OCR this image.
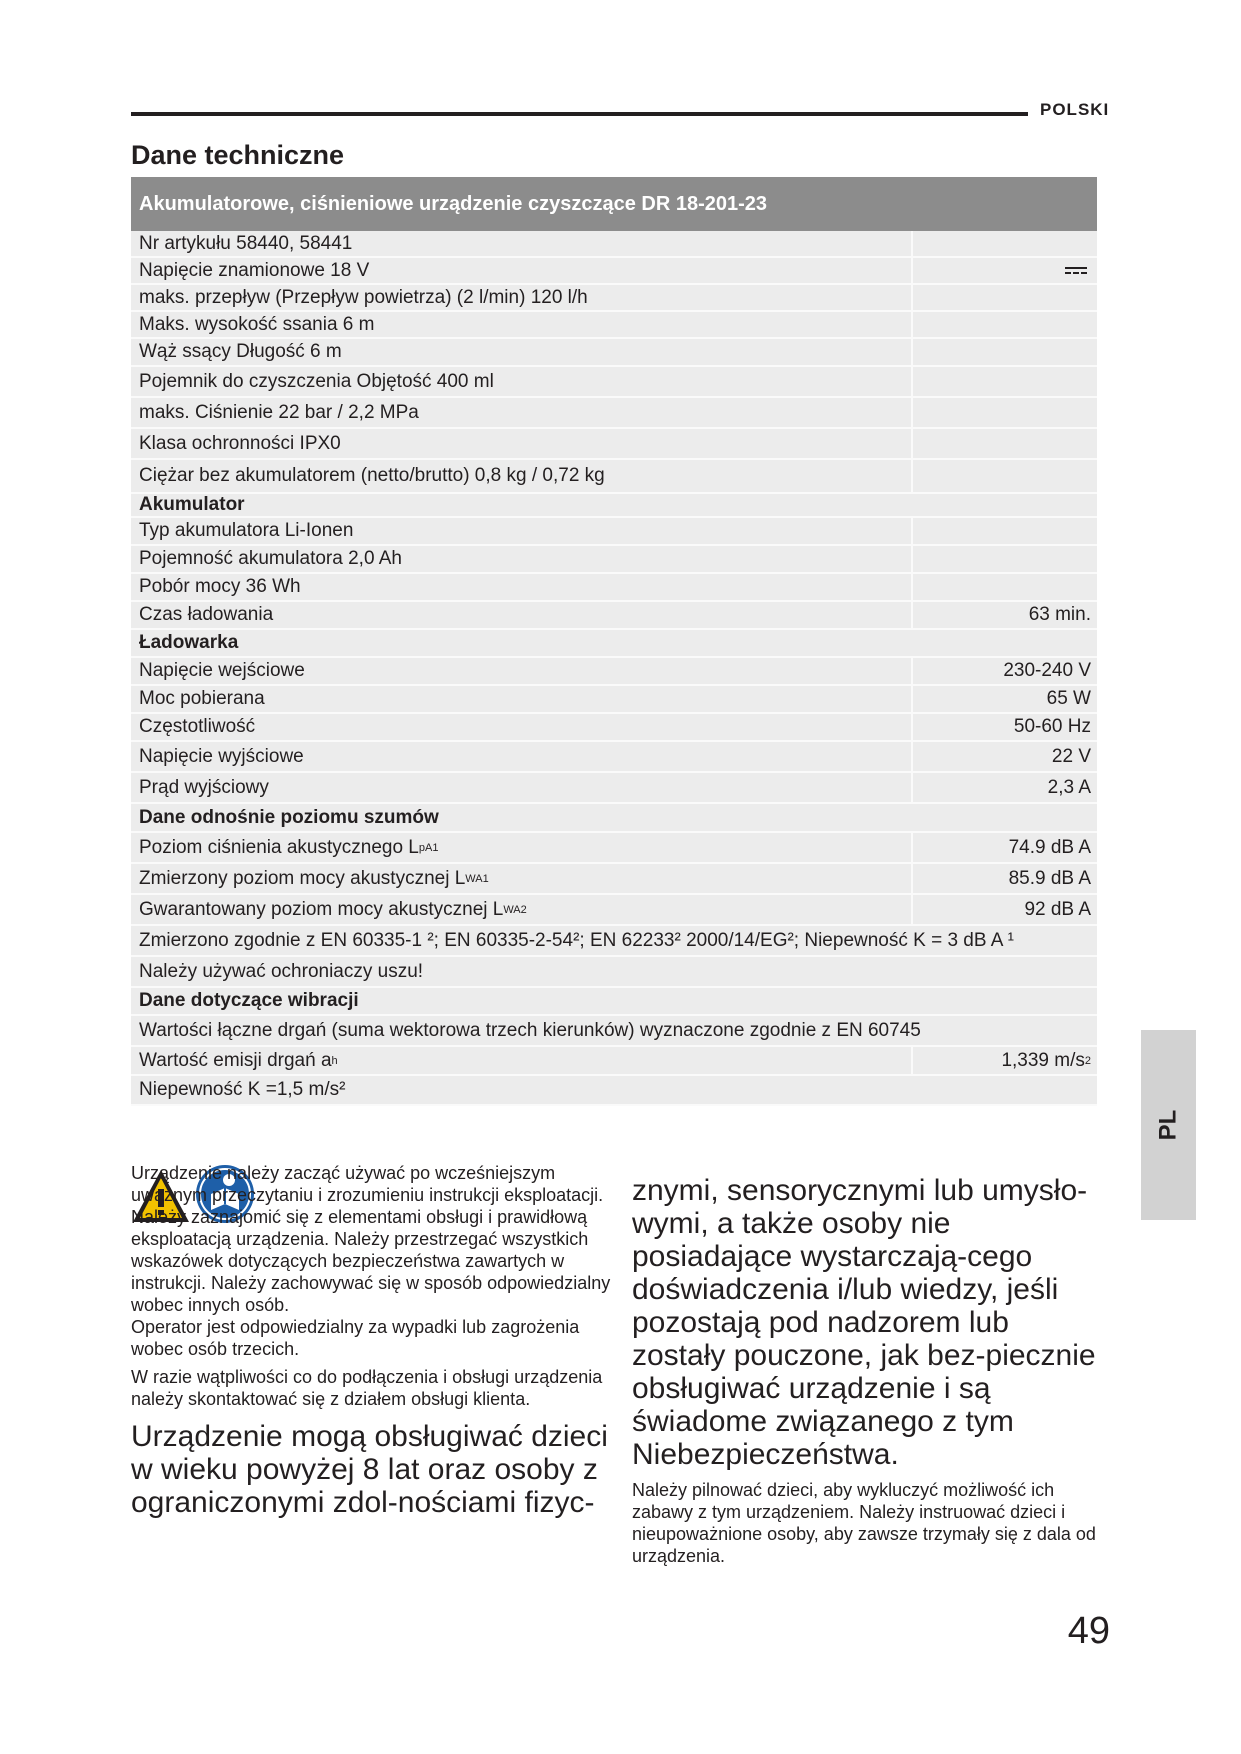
POLSKI
Dane techniczne
Akumulatorowe, ciśnieniowe urządzenie czyszczące DR 18-201-23
Nr artykułu 58440, 58441
Napięcie znamionowe 18 V
maks. przepływ (Przepływ powietrza) (2 l/min) 120 l/h
Maks. wysokość ssania 6 m
Wąż ssący Długość 6 m
Pojemnik do czyszczenia Objętość 400 ml
maks. Ciśnienie 22 bar / 2,2 MPa
Klasa ochronności IPX0
Ciężar bez akumulatorem (netto/brutto) 0,8 kg / 0,72 kg
Akumulator
Typ akumulatora Li-Ionen
Pojemność akumulatora 2,0 Ah
Pobór mocy 36 Wh
Czas ładowania	63 min.
Ładowarka
Napięcie wejściowe	230-240 V
Moc pobierana	65 W
Częstotliwość	50-60 Hz
Napięcie wyjściowe	22 V
Prąd wyjściowy	2,3 A
Dane odnośnie poziomu szumów
Poziom ciśnienia akustycznego L pA 1	74.9 dB A
Zmierzony poziom mocy akustycznej L WA 1	85.9 dB A
Gwarantowany poziom mocy akustycznej L WA 2	92 dB A
Zmierzono zgodnie z EN 60335-1 ²; EN 60335-2-54²; EN 62233² 2000/14/EG²; Niepewność K = 3 dB A ¹
Należy używać ochroniaczy uszu!
Dane dotyczące wibracji
Wartości łączne drgań (suma wektorowa trzech kierunków) wyznaczone zgodnie z EN 60745
Wartość emisji drgań a h	1,339 m/s 2
Niepewność K =1,5 m/s²

Urządzenie należy zacząć używać po wcześniejszym uważnym przeczytaniu i zrozumieniu instrukcji eksploatacji.

Należy zaznajomić się z elementami obsługi i prawidłową eksploatacją urządzenia. Należy przestrzegać wszystkich wskazówek dotyczących bezpieczeństwa zawartych w instrukcji. Należy zachowywać się w sposób odpowiedzialny wobec innych osób.

Operator jest odpowiedzialny za wypadki lub zagrożenia wobec osób trzecich.

W razie wątpliwości co do podłączenia i obsługi urządzenia należy skontaktować się z działem obsługi klienta.

Urządzenie mogą obsługiwać dzieci w wieku powyżej 8 lat oraz osoby z ograniczonymi zdol-nościami fizyc-
znymi, sensorycznymi lub umysło-wymi, a także osoby nie posiadające wystarczają-cego doświadczenia i/lub wiedzy, jeśli pozostają pod nadzorem lub zostały pouczone, jak bez-piecznie obsługiwać urządzenie i są świadome związanego z tym Niebezpieczeństwa.
Należy pilnować dzieci, aby wykluczyć możliwość ich zabawy z tym urządzeniem. Należy instruować dzieci i nieupoważnione osoby, aby zawsze trzymały się z dala od urządzenia.
PL
49
